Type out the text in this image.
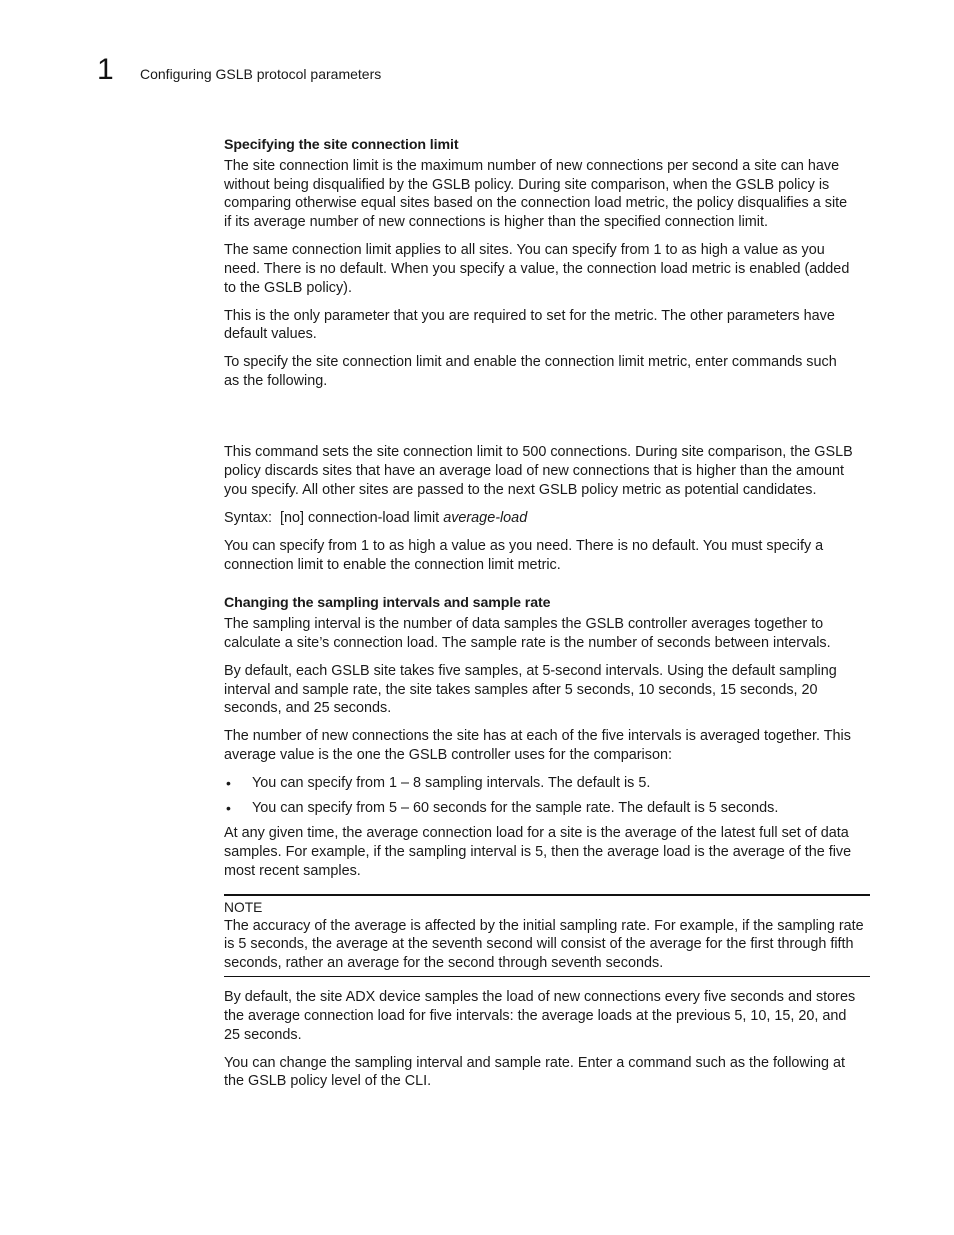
1 Configuring GSLB protocol parameters
Specifying the site connection limit
The site connection limit is the maximum number of new connections per second a site can have
without being disqualified by the GSLB policy. During site comparison, when the GSLB policy is
comparing otherwise equal sites based on the connection load metric, the policy disqualifies a site
if its average number of new connections is higher than the specified connection limit.
The same connection limit applies to all sites. You can specify from 1 to as high a value as you
need. There is no default. When you specify a value, the connection load metric is enabled (added
to the GSLB policy).
This is the only parameter that you are required to set for the metric. The other parameters have
default values.
To specify the site connection limit and enable the connection limit metric, enter commands such
as the following.
This command sets the site connection limit to 500 connections. During site comparison, the GSLB
policy discards sites that have an average load of new connections that is higher than the amount
you specify. All other sites are passed to the next GSLB policy metric as potential candidates.
Syntax: [no] connection-load limit average-load
You can specify from 1 to as high a value as you need. There is no default. You must specify a
connection limit to enable the connection limit metric.
Changing the sampling intervals and sample rate
The sampling interval is the number of data samples the GSLB controller averages together to
calculate a site’s connection load. The sample rate is the number of seconds between intervals.
By default, each GSLB site takes five samples, at 5-second intervals. Using the default sampling
interval and sample rate, the site takes samples after 5 seconds, 10 seconds, 15 seconds, 20
seconds, and 25 seconds.
The number of new connections the site has at each of the five intervals is averaged together. This
average value is the one the GSLB controller uses for the comparison:
• You can specify from 1 – 8 sampling intervals. The default is 5.
• You can specify from 5 – 60 seconds for the sample rate. The default is 5 seconds.
At any given time, the average connection load for a site is the average of the latest full set of data
samples. For example, if the sampling interval is 5, then the average load is the average of the five
most recent samples.
NOTE
The accuracy of the average is affected by the initial sampling rate. For example, if the sampling rate
is 5 seconds, the average at the seventh second will consist of the average for the first through fifth
seconds, rather an average for the second through seventh seconds.
By default, the site ADX device samples the load of new connections every five seconds and stores
the average connection load for five intervals: the average loads at the previous 5, 10, 15, 20, and
25 seconds.
You can change the sampling interval and sample rate. Enter a command such as the following at
the GSLB policy level of the CLI.
